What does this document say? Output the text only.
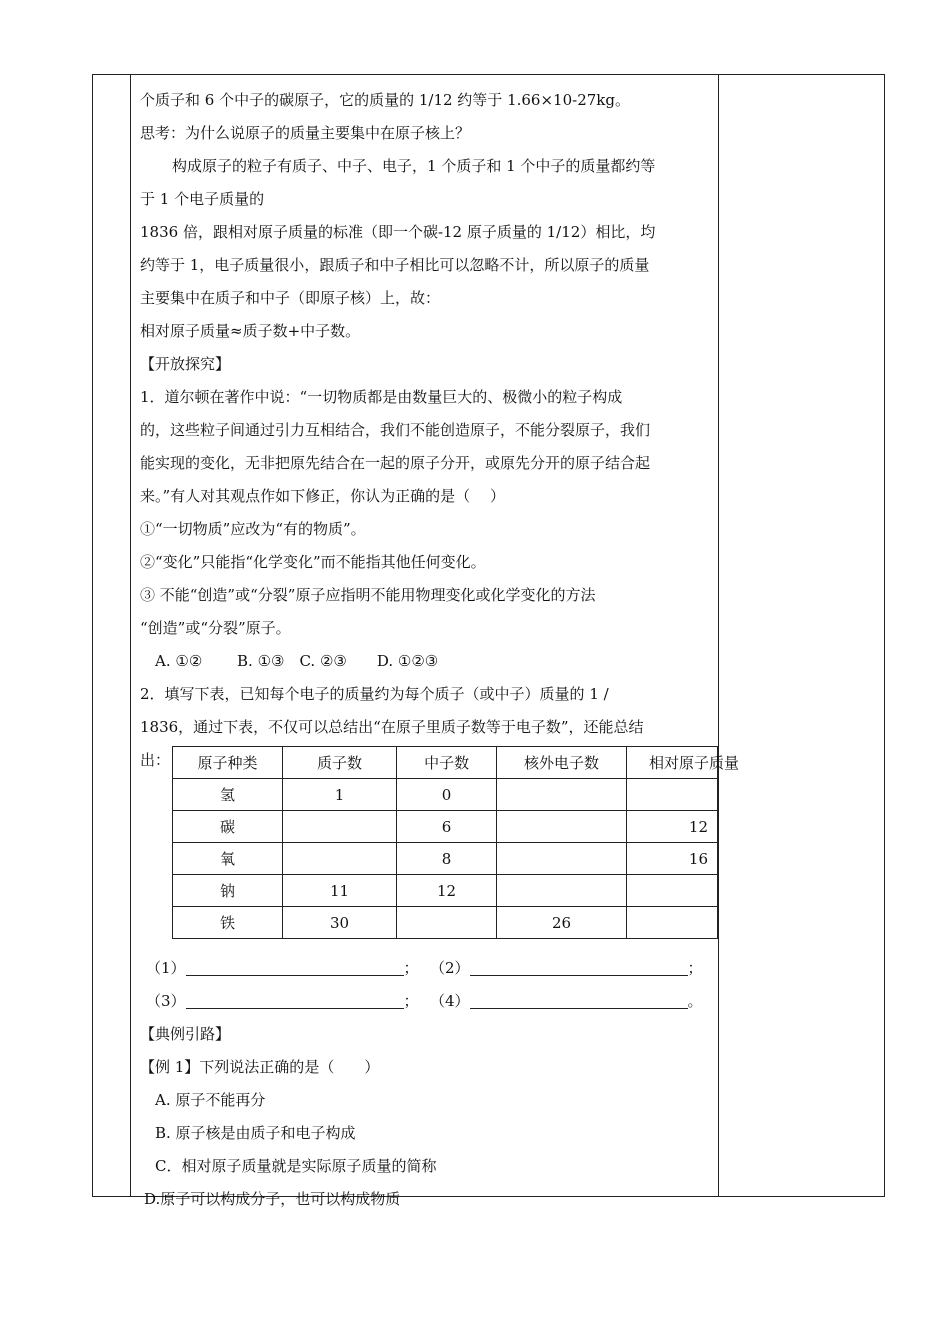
个质子和 6 个中子的碳原子，它的质量的 1/12 约等于 1.66×10-27kg。
思考：为什么说原子的质量主要集中在原子核上？
构成原子的粒子有质子、中子、电子，1 个质子和 1 个中子的质量都约等
于 1 个电子质量的
1836 倍，跟相对原子质量的标准（即一个碳-12 原子质量的 1/12）相比，均
约等于 1，电子质量很小，跟质子和中子相比可以忽略不计，所以原子的质量
主要集中在质子和中子（即原子核）上，故：
相对原子质量≈质子数+中子数。
【开放探究】
1．道尔顿在著作中说：“一切物质都是由数量巨大的、极微小的粒子构成
的，这些粒子间通过引力互相结合，我们不能创造原子，不能分裂原子，我们
能实现的变化，无非把原先结合在一起的原子分开，或原先分开的原子结合起
来。”有人对其观点作如下修正，你认为正确的是（　 ）
①“一切物质”应改为“有的物质”。
②“变化”只能指“化学变化”而不能指其他任何变化。
③ 不能“创造”或“分裂”原子应指明不能用物理变化或化学变化的方法
“创造”或“分裂”原子。
A. ①②　　 B. ①③　C. ②③　　D. ①②③
2．填写下表，已知每个电子的质量约为每个质子（或中子）质量的 1 /
1836，通过下表，不仅可以总结出“在原子里质子数等于电子数”，还能总结
出： 原子种类	质子数	中子数	核外电子数	相对原子质量
氢	1	0		
碳		6		12
氧		8		16
钠	11	12		
铁	30		26	
（1）	； （2）	；
（3）	； （4）	。
【典例引路】
【例 1】下列说法正确的是（　　）
A. 原子不能再分
B. 原子核是由质子和电子构成
C．相对原子质量就是实际原子质量的简称
D.原子可以构成分子，也可以构成物质
